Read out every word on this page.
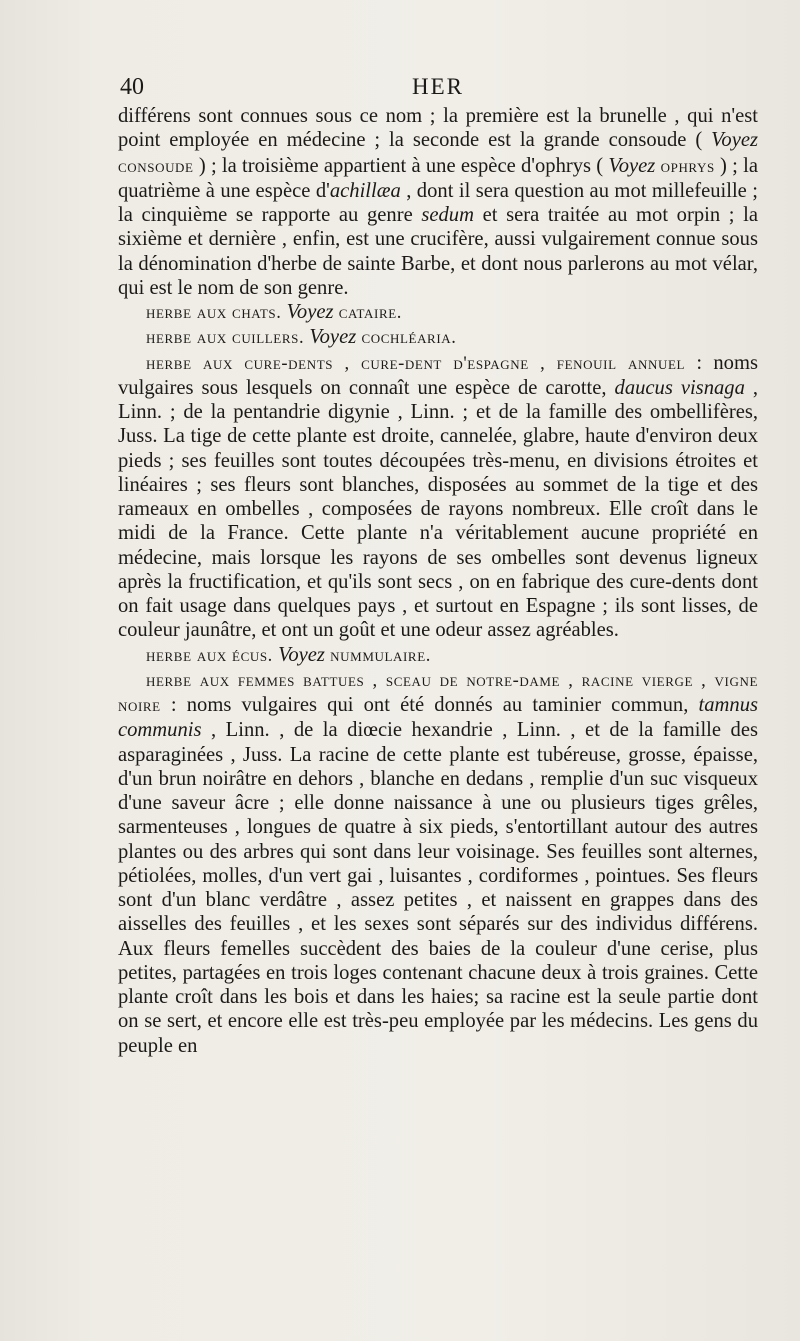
40	HER

différens sont connues sous ce nom ; la première est la brunelle , qui n'est point employée en médecine ; la seconde est la grande consoude ( Voyez consoude ) ; la troisième appartient à une espèce d'ophrys ( Voyez ophrys ) ; la quatrième à une espèce d'achillæa , dont il sera question au mot millefeuille ; la cinquième se rapporte au genre sedum et sera traitée au mot orpin ; la sixième et dernière , enfin, est une crucifère, aussi vulgairement connue sous la dénomination d'herbe de sainte Barbe, et dont nous parlerons au mot vélar, qui est le nom de son genre.

herbe aux chats. Voyez cataire.

herbe aux cuillers. Voyez cochléaria.

herbe aux cure-dents , cure-dent d'espagne , fenouil annuel : noms vulgaires sous lesquels on connaît une espèce de carotte, daucus visnaga , Linn. ; de la pentandrie digynie , Linn. ; et de la famille des ombellifères, Juss. La tige de cette plante est droite, cannelée, glabre, haute d'environ deux pieds ; ses feuilles sont toutes découpées très-menu, en divisions étroites et linéaires ; ses fleurs sont blanches, disposées au sommet de la tige et des rameaux en ombelles , composées de rayons nombreux. Elle croît dans le midi de la France. Cette plante n'a véritablement aucune propriété en médecine, mais lorsque les rayons de ses ombelles sont devenus ligneux après la fructification, et qu'ils sont secs , on en fabrique des cure-dents dont on fait usage dans quelques pays , et surtout en Espagne ; ils sont lisses, de couleur jaunâtre, et ont un goût et une odeur assez agréables.

herbe aux écus. Voyez nummulaire.

herbe aux femmes battues , sceau de notre-dame , racine vierge , vigne noire : noms vulgaires qui ont été donnés au taminier commun, tamnus communis , Linn. , de la diœcie hexandrie , Linn. , et de la famille des asparaginées , Juss. La racine de cette plante est tubéreuse, grosse, épaisse, d'un brun noirâtre en dehors , blanche en dedans , remplie d'un suc visqueux d'une saveur âcre ; elle donne naissance à une ou plusieurs tiges grêles, sarmenteuses , longues de quatre à six pieds, s'entortillant autour des autres plantes ou des arbres qui sont dans leur voisinage. Ses feuilles sont alternes, pétiolées, molles, d'un vert gai , luisantes , cordiformes , pointues. Ses fleurs sont d'un blanc verdâtre , assez petites , et naissent en grappes dans des aisselles des feuilles , et les sexes sont séparés sur des individus différens. Aux fleurs femelles succèdent des baies de la couleur d'une cerise, plus petites, partagées en trois loges contenant chacune deux à trois graines. Cette plante croît dans les bois et dans les haies; sa racine est la seule partie dont on se sert, et encore elle est très-peu employée par les médecins. Les gens du peuple en
